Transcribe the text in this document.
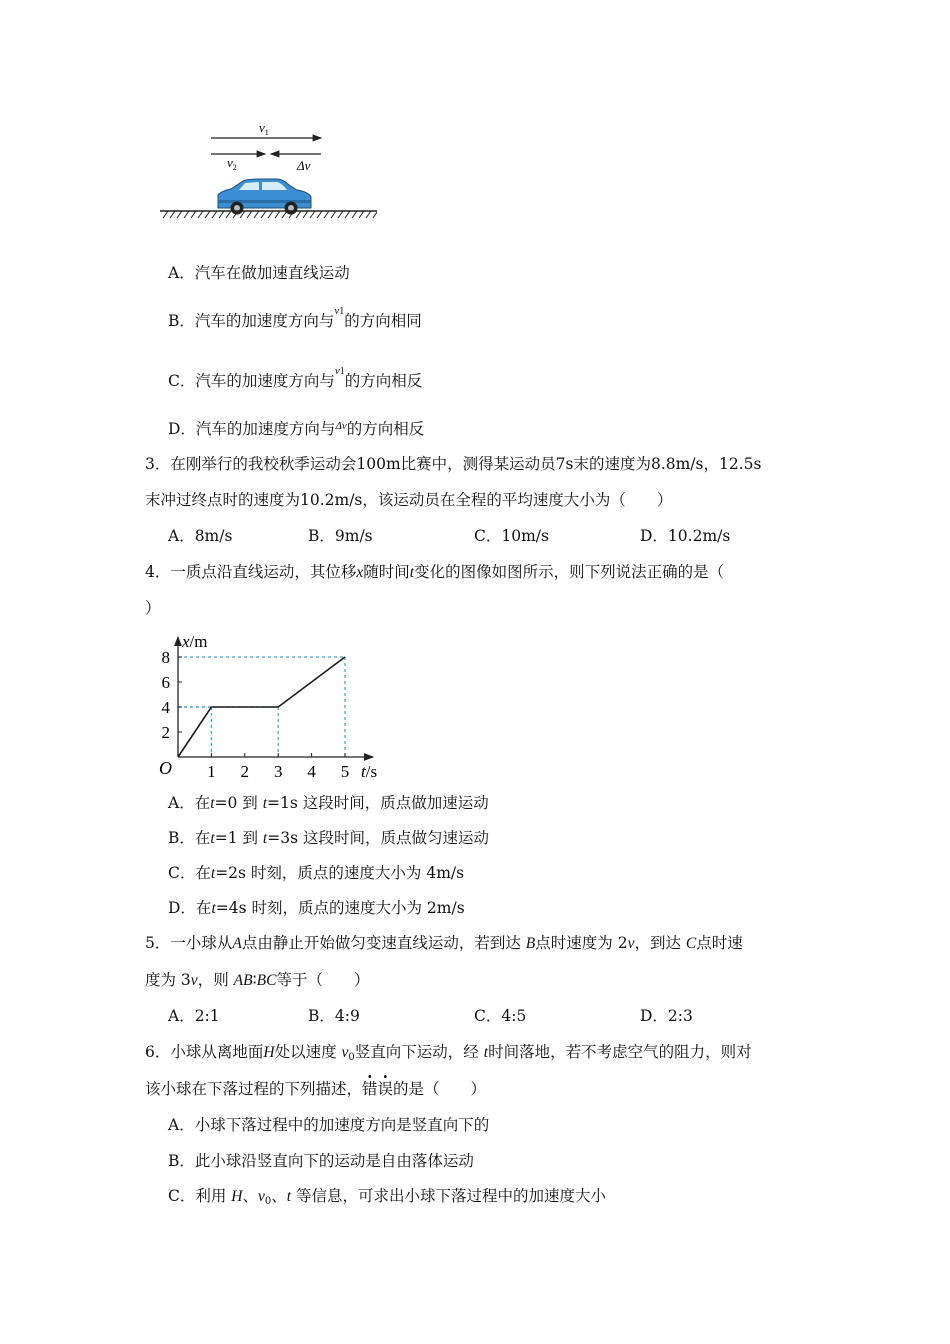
$v_1$
$v_2$	Δv
A．汽车在做加速直线运动
B．汽车的加速度方向与$^{v1}$的方向相同
C．汽车的加速度方向与$^{v1}$的方向相反
D．汽车的加速度方向与$^{\Delta v}$的方向相反
3．在刚举行的我校秋季运动会100m比赛中，测得某运动员7s末的速度为8.8m/s，12.5s
末冲过终点时的速度为10.2m/s，该运动员在全程的平均速度大小为（　　）
A．8m/s	B．9m/s	C．10m/s	D．10.2m/s
4．一质点沿直线运动，其位移x随时间t变化的图像如图所示，则下列说法正确的是（
）
1 2 3 4 5
2
4
6
8
O
x/m
t/s
A．在t=0 到 t=1s 这段时间，质点做加速运动
B．在t=1 到 t=3s 这段时间，质点做匀速运动
C．在t=2s 时刻，质点的速度大小为 4m/s
D．在t=4s 时刻，质点的速度大小为 2m/s
5．一小球从A点由静止开始做匀变速直线运动，若到达 B点时速度为 2v，到达 C点时速
度为 3v，则 AB∶BC等于（　　）
A．2:1	B．4:9	C．4:5	D．2:3
6．小球从离地面H处以速度 v0竖直向下运动，经 t时间落地，若不考虑空气的阻力，则对
该小球在下落过程的下列描述，错误的是（　　）
A．小球下落过程中的加速度方向是竖直向下的
B．此小球沿竖直向下的运动是自由落体运动
C．利用 H、v0、t 等信息，可求出小球下落过程中的加速度大小
